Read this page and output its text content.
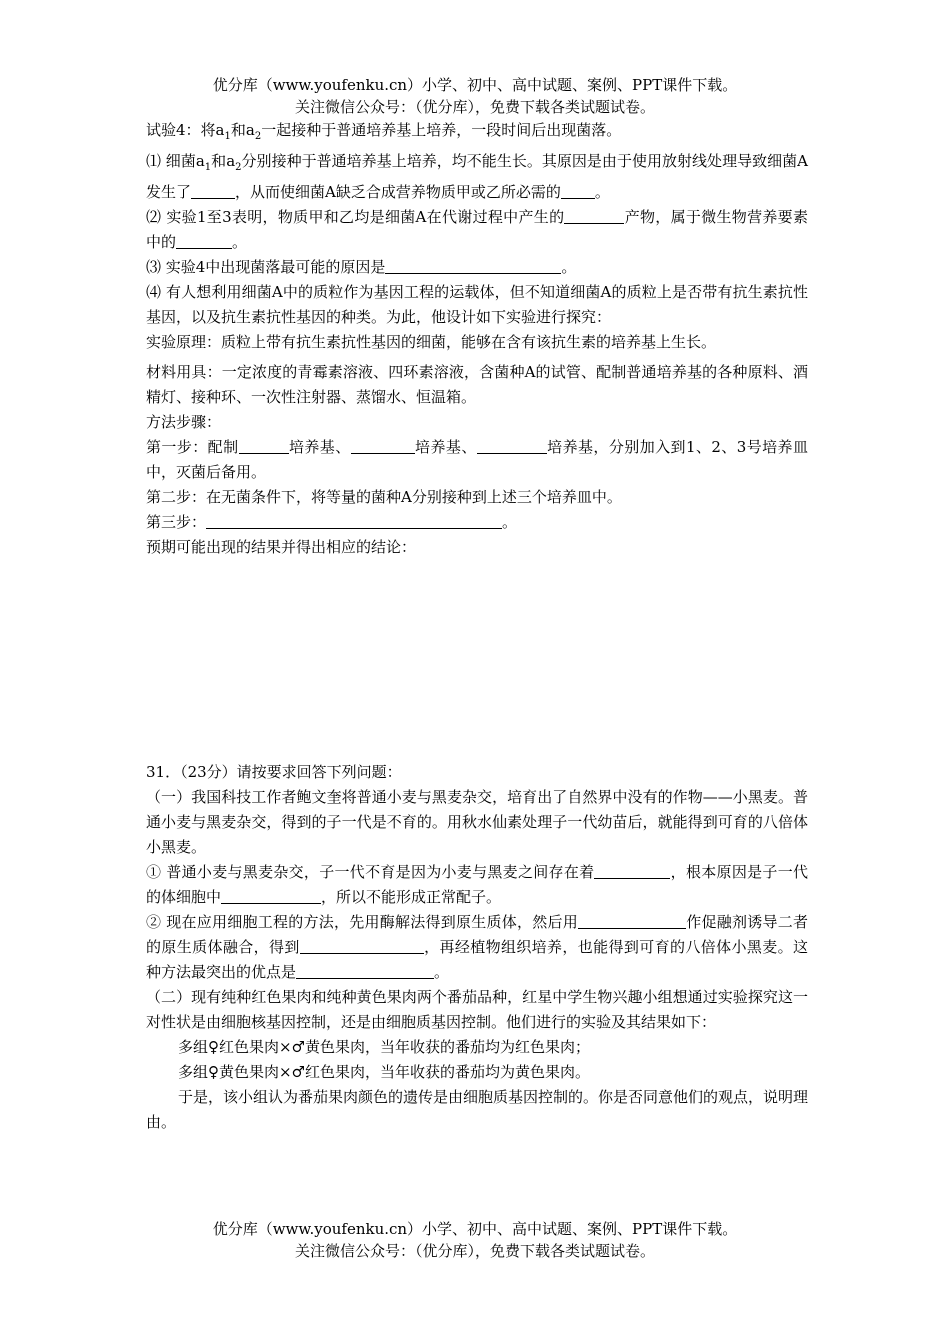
优分库（www.youfenku.cn）小学、初中、高中试题、案例、PPT课件下载。
关注微信公众号：（优分库），免费下载各类试题试卷。

试验4：将$a_1$和$a_2$一起接种于普通培养基上培养，一段时间后出现菌落。

⑴ 细菌$a_1$和$a_2$分别接种于普通培养基上培养，均不能生长。其原因是由于使用放射线处理导致细菌A发生了	，从而使细菌A缺乏合成营养物质甲或乙所必需的 。

⑵ 实验1至3表明，物质甲和乙均是细菌A在代谢过程中产生的	产物，属于微生物营养要素中的	。

⑶ 实验4中出现菌落最可能的原因是	。

⑷ 有人想利用细菌A中的质粒作为基因工程的运载体，但不知道细菌A的质粒上是否带有抗生素抗性基因，以及抗生素抗性基因的种类。为此，他设计如下实验进行探究：

实验原理：质粒上带有抗生素抗性基因的细菌，能够在含有该抗生素的培养基上生长。

材料用具：一定浓度的青霉素溶液、四环素溶液，含菌种A的试管、配制普通培养基的各种原料、酒精灯、接种环、一次性注射器、蒸馏水、恒温箱。

方法步骤：

第一步：配制	培养基、	培养基、	培养基，分别加入到1、2、3号培养皿中，灭菌后备用。

第二步：在无菌条件下，将等量的菌种A分别接种到上述三个培养皿中。

第三步：	。

预期可能出现的结果并得出相应的结论：

31．（23分）请按要求回答下列问题：

（一）我国科技工作者鲍文奎将普通小麦与黑麦杂交，培育出了自然界中没有的作物——小黑麦。普通小麦与黑麦杂交，得到的子一代是不育的。用秋水仙素处理子一代幼苗后，就能得到可育的八倍体小黑麦。

① 普通小麦与黑麦杂交，子一代不育是因为小麦与黑麦之间存在着	，根本原因是子一代的体细胞中	，所以不能形成正常配子。

② 现在应用细胞工程的方法，先用酶解法得到原生质体，然后用	作促融剂诱导二者的原生质体融合，得到	，再经植物组织培养，也能得到可育的八倍体小黑麦。这种方法最突出的优点是	。

（二）现有纯种红色果肉和纯种黄色果肉两个番茄品种，红星中学生物兴趣小组想通过实验探究这一对性状是由细胞核基因控制，还是由细胞质基因控制。他们进行的实验及其结果如下：

多组♀红色果肉×♂黄色果肉，当年收获的番茄均为红色果肉；

多组♀黄色果肉×♂红色果肉，当年收获的番茄均为黄色果肉。

于是，该小组认为番茄果肉颜色的遗传是由细胞质基因控制的。你是否同意他们的观点，说明理由。

优分库（www.youfenku.cn）小学、初中、高中试题、案例、PPT课件下载。
关注微信公众号：（优分库），免费下载各类试题试卷。
